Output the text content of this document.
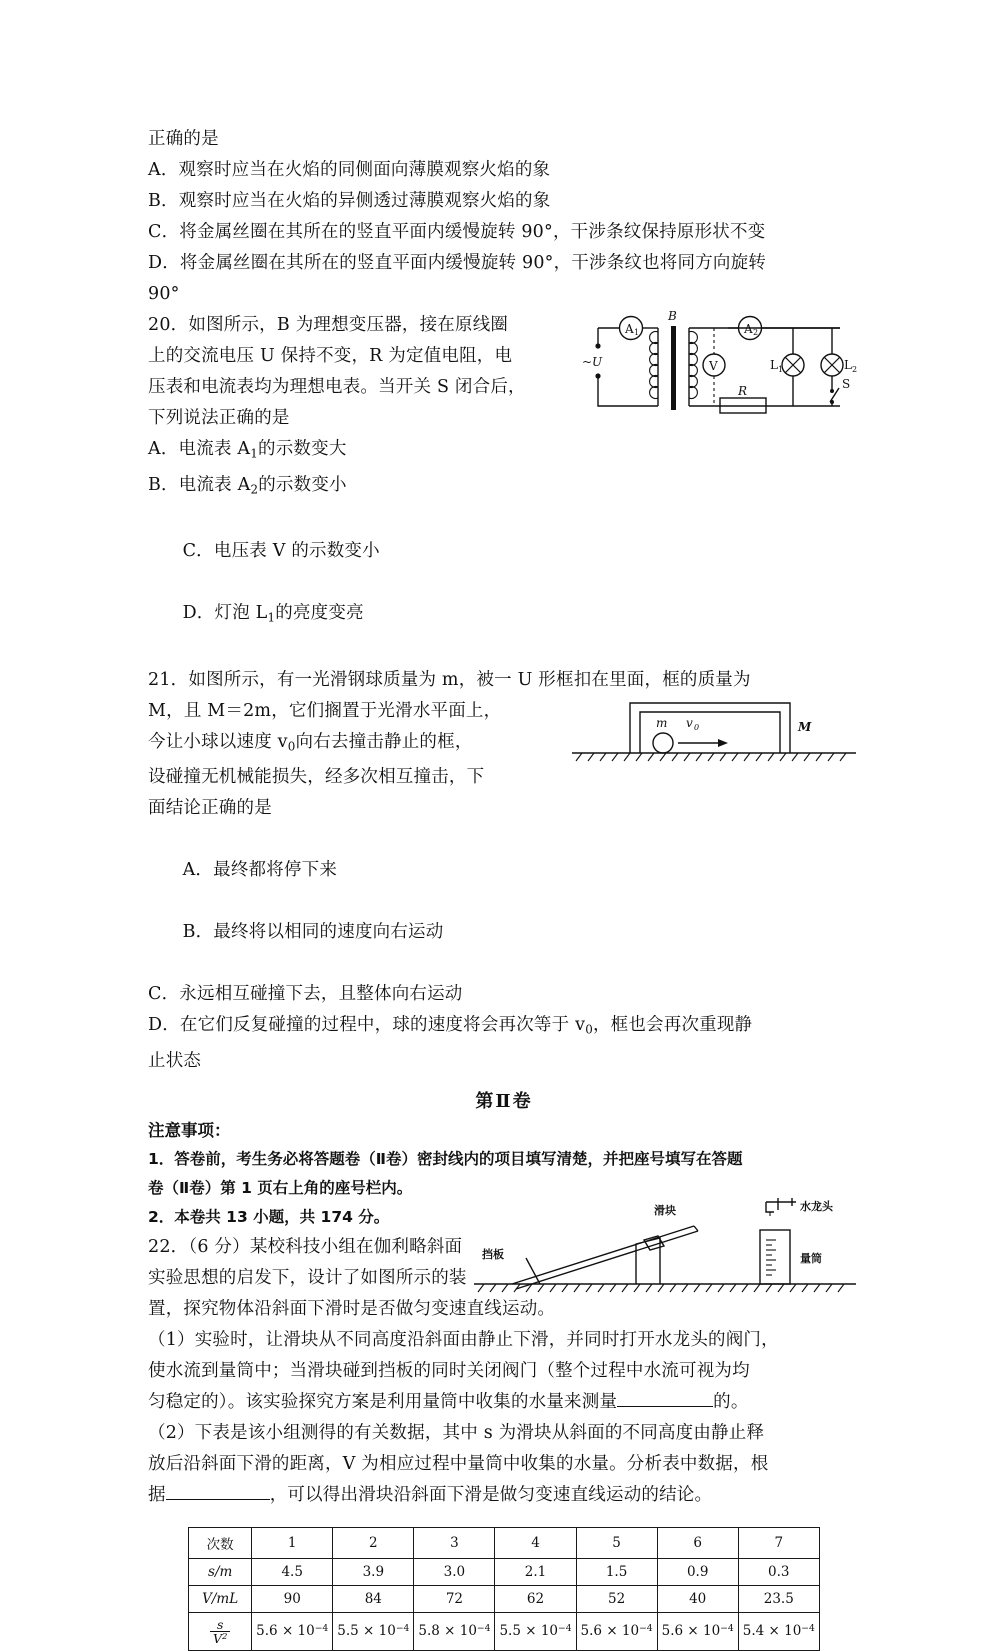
正确的是
A．观察时应当在火焰的同侧面向薄膜观察火焰的象
B．观察时应当在火焰的异侧透过薄膜观察火焰的象
C．将金属丝圈在其所在的竖直平面内缓慢旋转 90°，干涉条纹保持原形状不变
D．将金属丝圈在其所在的竖直平面内缓慢旋转 90°，干涉条纹也将同方向旋转
90°
20．如图所示，B 为理想变压器，接在原线圈
上的交流电压 U 保持不变，R 为定值电阻，电
压表和电流表均为理想电表。当开关 S 闭合后，
下列说法正确的是
A 1
~U
B
V
A 2
R
L 1	L 2
S
A．电流表 $A_1$的示数变大
B．电流表 $A_2$的示数变小

C．电压表 V 的示数变小

D．灯泡 $L_1$的亮度变亮

21．如图所示，有一光滑钢球质量为 m，被一 U 形框扣在里面，框的质量为
M，且 M＝2m，它们搁置于光滑水平面上，
今让小球以速度 $v_0$向右去撞击静止的框，
设碰撞无机械能损失，经多次相互撞击，下
面结论正确的是
m v 0	M

A．最终都将停下来

B．最终将以相同的速度向右运动

C．永远相互碰撞下去，且整体向右运动
D．在它们反复碰撞的过程中，球的速度将会再次等于 $v_0$，框也会再次重现静
止状态
第Ⅱ卷
注意事项：
1．答卷前，考生务必将答题卷（Ⅱ卷）密封线内的项目填写清楚，并把座号填写在答题
卷（Ⅱ卷）第 1 页右上角的座号栏内。
2．本卷共 13 小题，共 174 分。
挡板
滑块	水龙头
量筒
22．（6 分）某校科技小组在伽利略斜面
实验思想的启发下，设计了如图所示的装
置，探究物体沿斜面下滑时是否做匀变速直线运动。
（1）实验时，让滑块从不同高度沿斜面由静止下滑，并同时打开水龙头的阀门，
使水流到量筒中；当滑块碰到挡板的同时关闭阀门（整个过程中水流可视为均
匀稳定的）。该实验探究方案是利用量筒中收集的水量来测量	的。
（2）下表是该小组测得的有关数据，其中 s 为滑块从斜面的不同高度由静止释
放后沿斜面下滑的距离，V 为相应过程中量筒中收集的水量。分析表中数据，根
据	，可以得出滑块沿斜面下滑是做匀变速直线运动的结论。
次数	1	2	3	4	5	6	7
s/m	4.5	3.9	3.0	2.1	1.5	0.9	0.3
V/mL	90	84	72	62	52	40	23.5

$\frac{s}{V^2}$	$5.6 \times 10^{-4}$	$5.5 \times 10^{-4}$	$5.8 \times 10^{-4}$	$5.5 \times 10^{-4}$	$5.6 \times 10^{-4}$	$5.6 \times 10^{-4}$	$5.4 \times 10^{-4}$
